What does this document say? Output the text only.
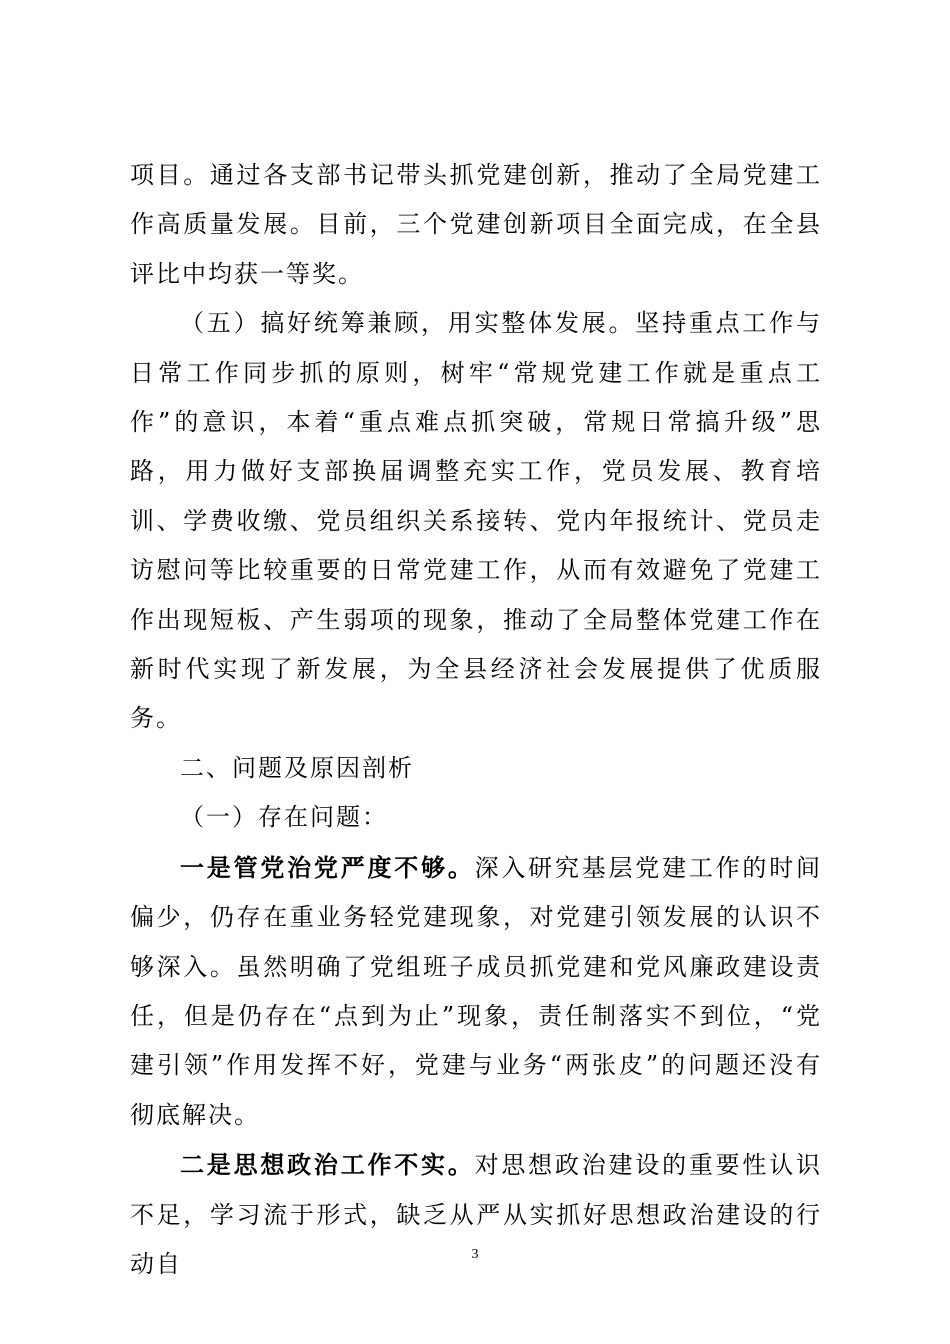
项目。通过各支部书记带头抓党建创新，推动了全局党建工作高质量发展。目前，三个党建创新项目全面完成，在全县评比中均获一等奖。

（五）搞好统筹兼顾，用实整体发展。坚持重点工作与日常工作同步抓的原则，树牢“常规党建工作就是重点工作”的意识，本着“重点难点抓突破，常规日常搞升级”思路，用力做好支部换届调整充实工作，党员发展、教育培训、学费收缴、党员组织关系接转、党内年报统计、党员走访慰问等比较重要的日常党建工作，从而有效避免了党建工作出现短板、产生弱项的现象，推动了全局整体党建工作在新时代实现了新发展，为全县经济社会发展提供了优质服务。

二、问题及原因剖析

（一）存在问题：

一是管党治党严度不够。深入研究基层党建工作的时间偏少，仍存在重业务轻党建现象，对党建引领发展的认识不够深入。虽然明确了党组班子成员抓党建和党风廉政建设责任，但是仍存在“点到为止”现象，责任制落实不到位，“党建引领”作用发挥不好，党建与业务“两张皮”的问题还没有彻底解决。

二是思想政治工作不实。对思想政治建设的重要性认识不足，学习流于形式，缺乏从严从实抓好思想政治建设的行动自	3
